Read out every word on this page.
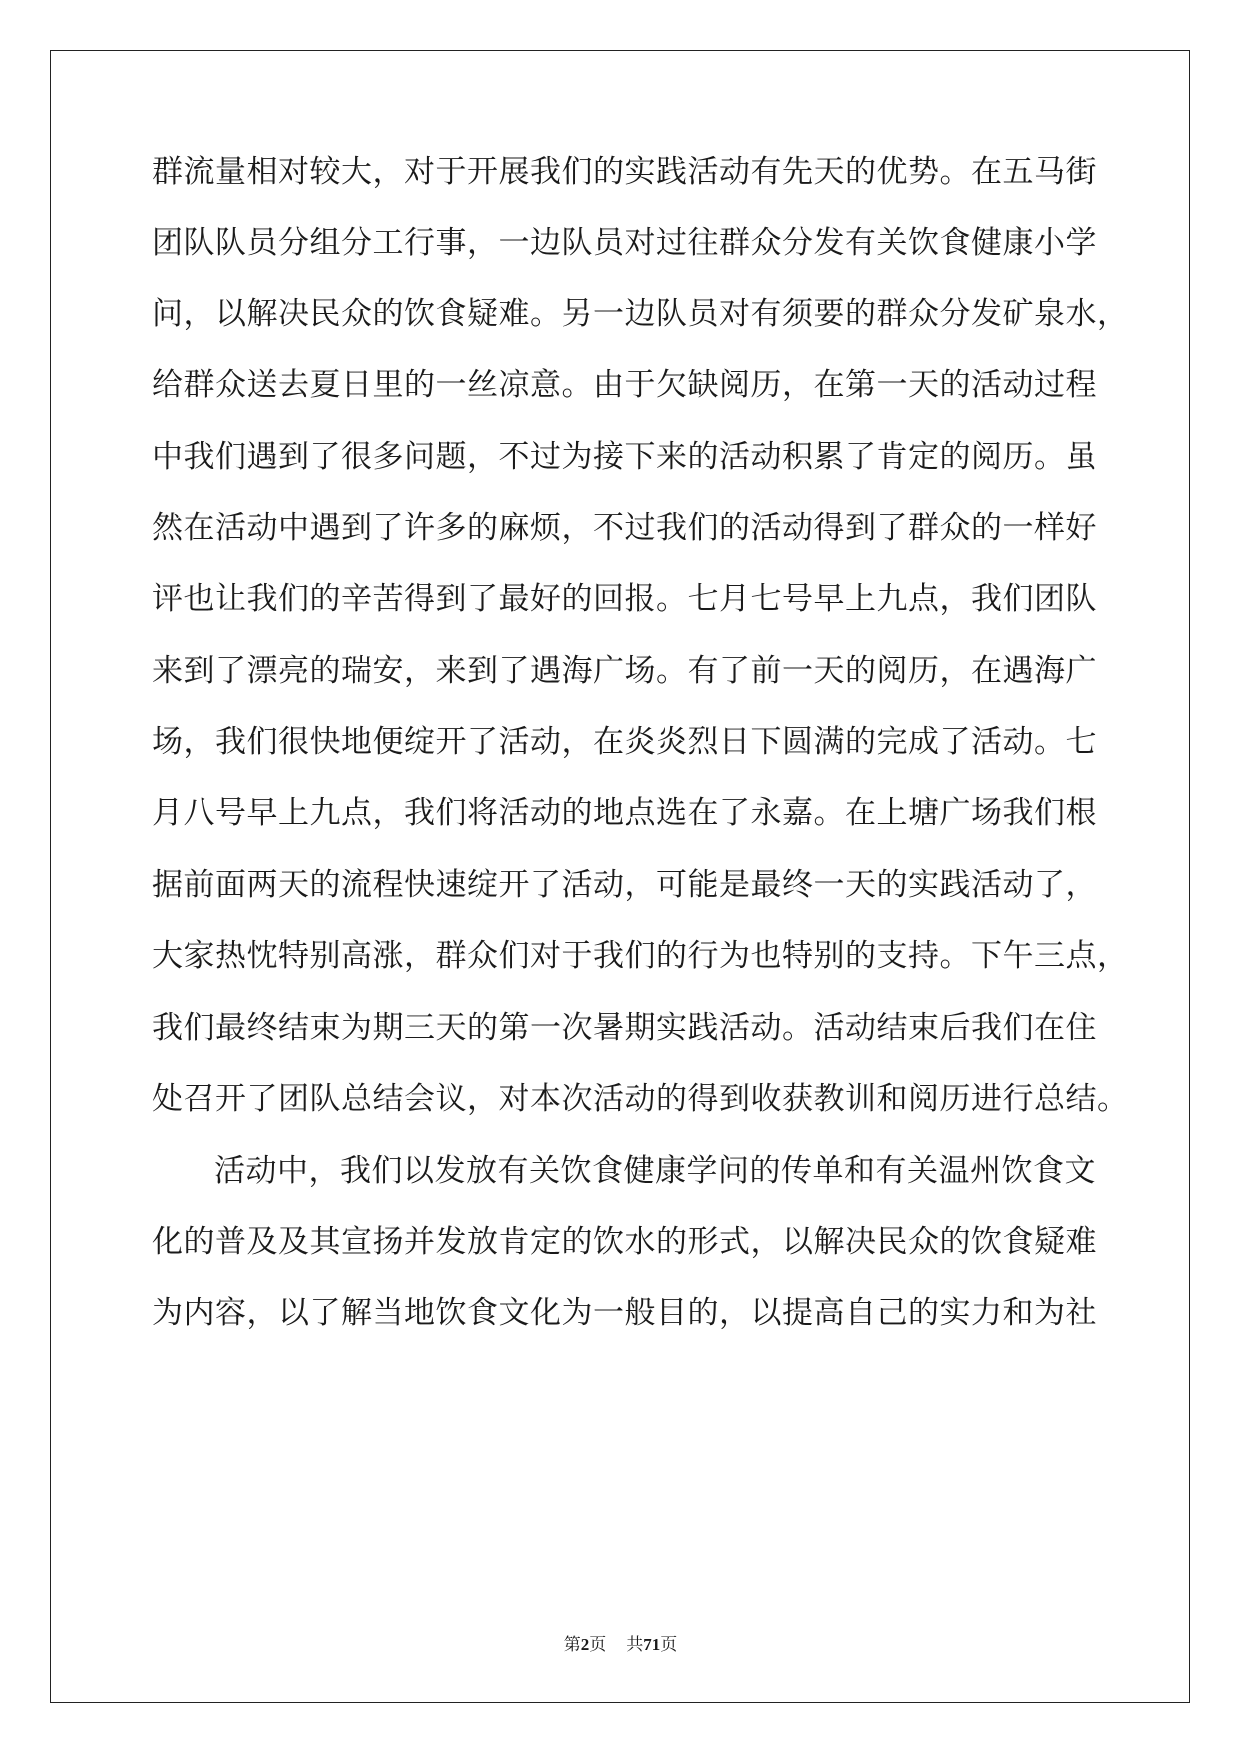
群流量相对较大，对于开展我们的实践活动有先天的优势。在五马街
团队队员分组分工行事，一边队员对过往群众分发有关饮食健康小学
问，以解决民众的饮食疑难。另一边队员对有须要的群众分发矿泉水，
给群众送去夏日里的一丝凉意。由于欠缺阅历，在第一天的活动过程
中我们遇到了很多问题，不过为接下来的活动积累了肯定的阅历。虽
然在活动中遇到了许多的麻烦，不过我们的活动得到了群众的一样好
评也让我们的辛苦得到了最好的回报。七月七号早上九点，我们团队
来到了漂亮的瑞安，来到了遇海广场。有了前一天的阅历，在遇海广
场，我们很快地便绽开了活动，在炎炎烈日下圆满的完成了活动。七
月八号早上九点，我们将活动的地点选在了永嘉。在上塘广场我们根
据前面两天的流程快速绽开了活动，可能是最终一天的实践活动了，
大家热忱特别高涨，群众们对于我们的行为也特别的支持。下午三点，
我们最终结束为期三天的第一次暑期实践活动。活动结束后我们在住
处召开了团队总结会议，对本次活动的得到收获教训和阅历进行总结。
活动中，我们以发放有关饮食健康学问的传单和有关温州饮食文
化的普及及其宣扬并发放肯定的饮水的形式，以解决民众的饮食疑难
为内容，以了解当地饮食文化为一般目的，以提高自己的实力和为社
第2页 共71页
